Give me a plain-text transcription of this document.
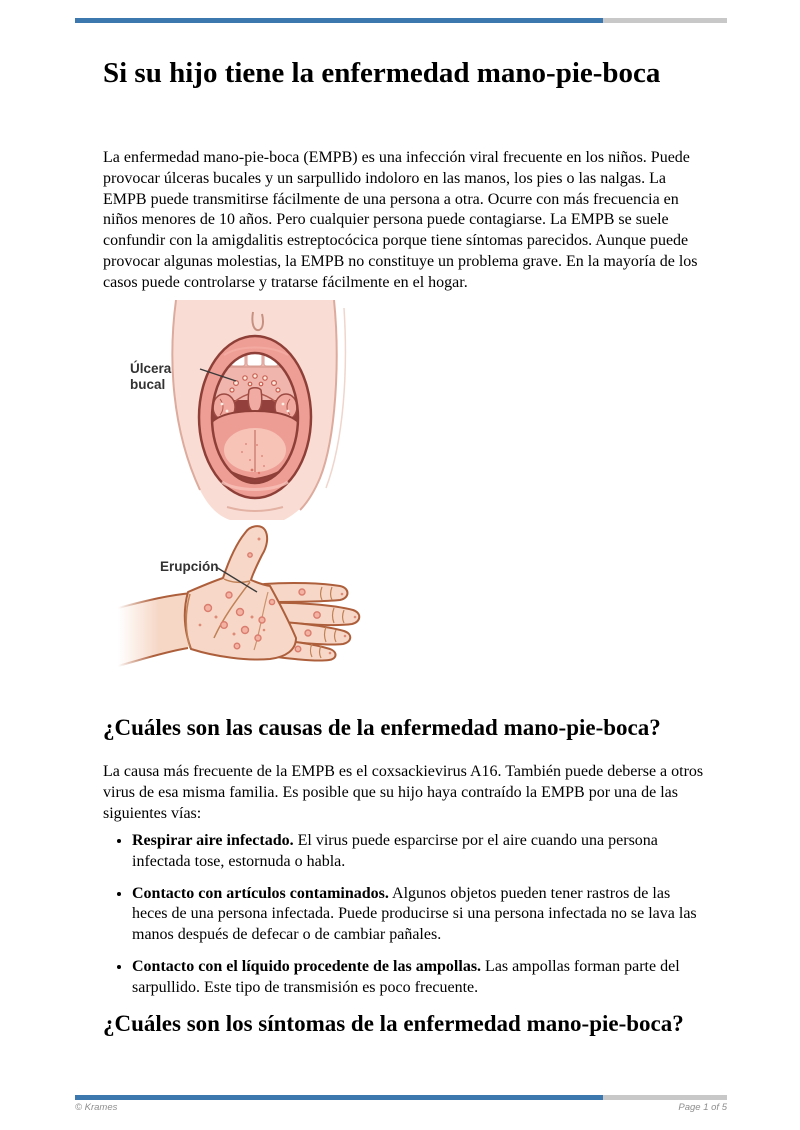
Si su hijo tiene la enfermedad mano-pie-boca

La enfermedad mano-pie-boca (EMPB) es una infección viral frecuente en los niños. Puede provocar úlceras bucales y un sarpullido indoloro en las manos, los pies o las nalgas. La EMPB puede transmitirse fácilmente de una persona a otra. Ocurre con más frecuencia en niños menores de 10 años. Pero cualquier persona puede contagiarse. La EMPB se suele confundir con la amigdalitis estreptocócica porque tiene síntomas parecidos. Aunque puede provocar algunas molestias, la EMPB no constituye un problema grave. En la mayoría de los casos puede controlarse y tratarse fácilmente en el hogar.

Úlcera
bucal
Erupción
¿Cuáles son las causas de la enfermedad mano-pie-boca?

La causa más frecuente de la EMPB es el coxsackievirus A16. También puede deberse a otros virus de esa misma familia. Es posible que su hijo haya contraído la EMPB por una de las siguientes vías:

• Respirar aire infectado. El virus puede esparcirse por el aire cuando una persona infectada tose, estornuda o habla.
• Contacto con artículos contaminados. Algunos objetos pueden tener rastros de las heces de una persona infectada. Puede producirse si una persona infectada no se lava las manos después de defecar o de cambiar pañales.
• Contacto con el líquido procedente de las ampollas. Las ampollas forman parte del sarpullido. Este tipo de transmisión es poco frecuente.
¿Cuáles son los síntomas de la enfermedad mano-pie-boca?
© Krames	Page 1 of 5
